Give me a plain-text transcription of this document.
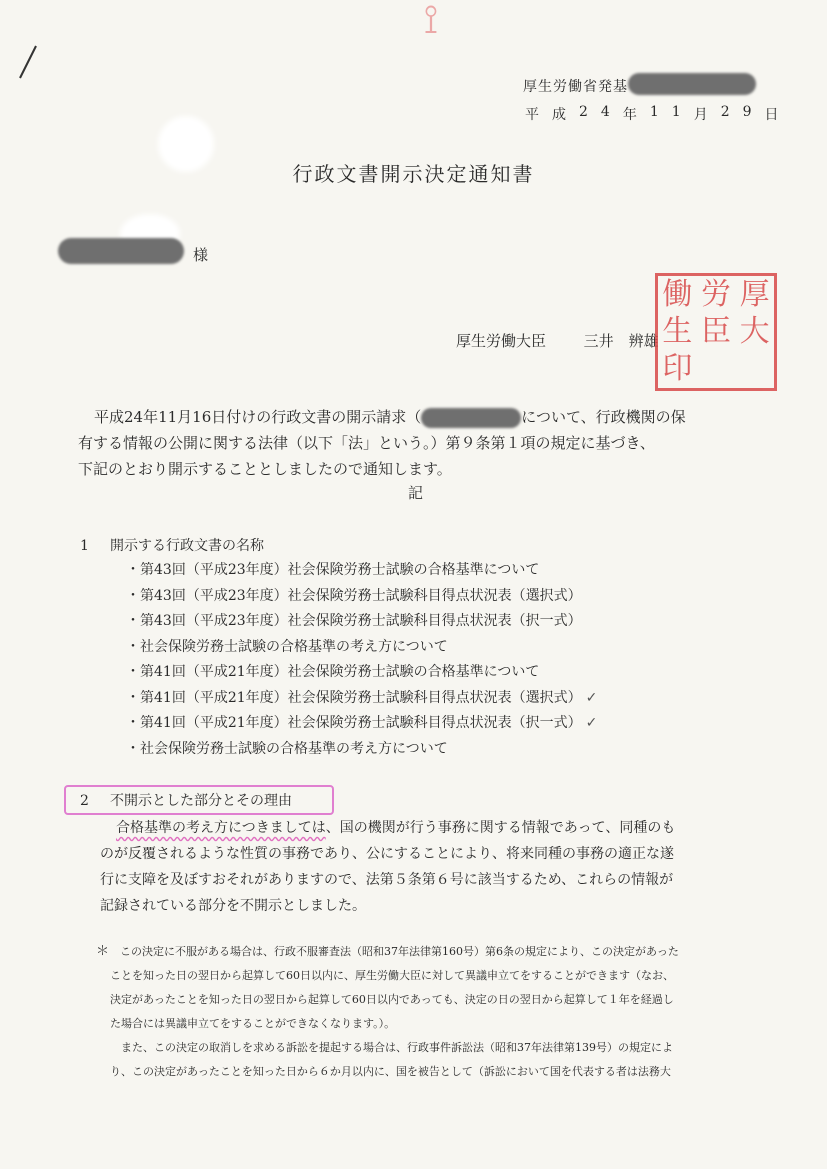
⟟
厚生労働省発基
平 成 2 4 年 1 1 月 2 9 日
行政文書開示決定通知書
様
厚生労働大臣	三井　辨雄
働 労 厚
生 臣 大
印
平成24年11月16日付けの行政文書の開示請求（	について、行政機関の保
有する情報の公開に関する法律（以下「法」という。）第９条第１項の規定に基づき、
下記のとおり開示することとしましたので通知します。
記
1 開示する行政文書の名称
・第43回（平成23年度）社会保険労務士試験の合格基準について
・第43回（平成23年度）社会保険労務士試験科目得点状況表（選択式）
・第43回（平成23年度）社会保険労務士試験科目得点状況表（択一式）
・社会保険労務士試験の合格基準の考え方について
・第41回（平成21年度）社会保険労務士試験の合格基準について
・第41回（平成21年度）社会保険労務士試験科目得点状況表（選択式） ✓
・第41回（平成21年度）社会保険労務士試験科目得点状況表（択一式） ✓
・社会保険労務士試験の合格基準の考え方について
2 不開示とした部分とその理由
合格基準の考え方につきましては、国の機関が行う事務に関する情報であって、同種のも
のが反覆されるような性質の事務であり、公にすることにより、将来同種の事務の適正な遂
行に支障を及ぼすおそれがありますので、法第５条第６号に該当するため、これらの情報が
記録されている部分を不開示としました。
＊ この決定に不服がある場合は、行政不服審査法（昭和37年法律第160号）第6条の規定により、この決定があった
ことを知った日の翌日から起算して60日以内に、厚生労働大臣に対して異議申立てをすることができます（なお、
決定があったことを知った日の翌日から起算して60日以内であっても、決定の日の翌日から起算して１年を経過し
た場合には異議申立てをすることができなくなります。）。
　また、この決定の取消しを求める訴訟を提起する場合は、行政事件訴訟法（昭和37年法律第139号）の規定によ
り、この決定があったことを知った日から６か月以内に、国を被告として（訴訟において国を代表する者は法務大
